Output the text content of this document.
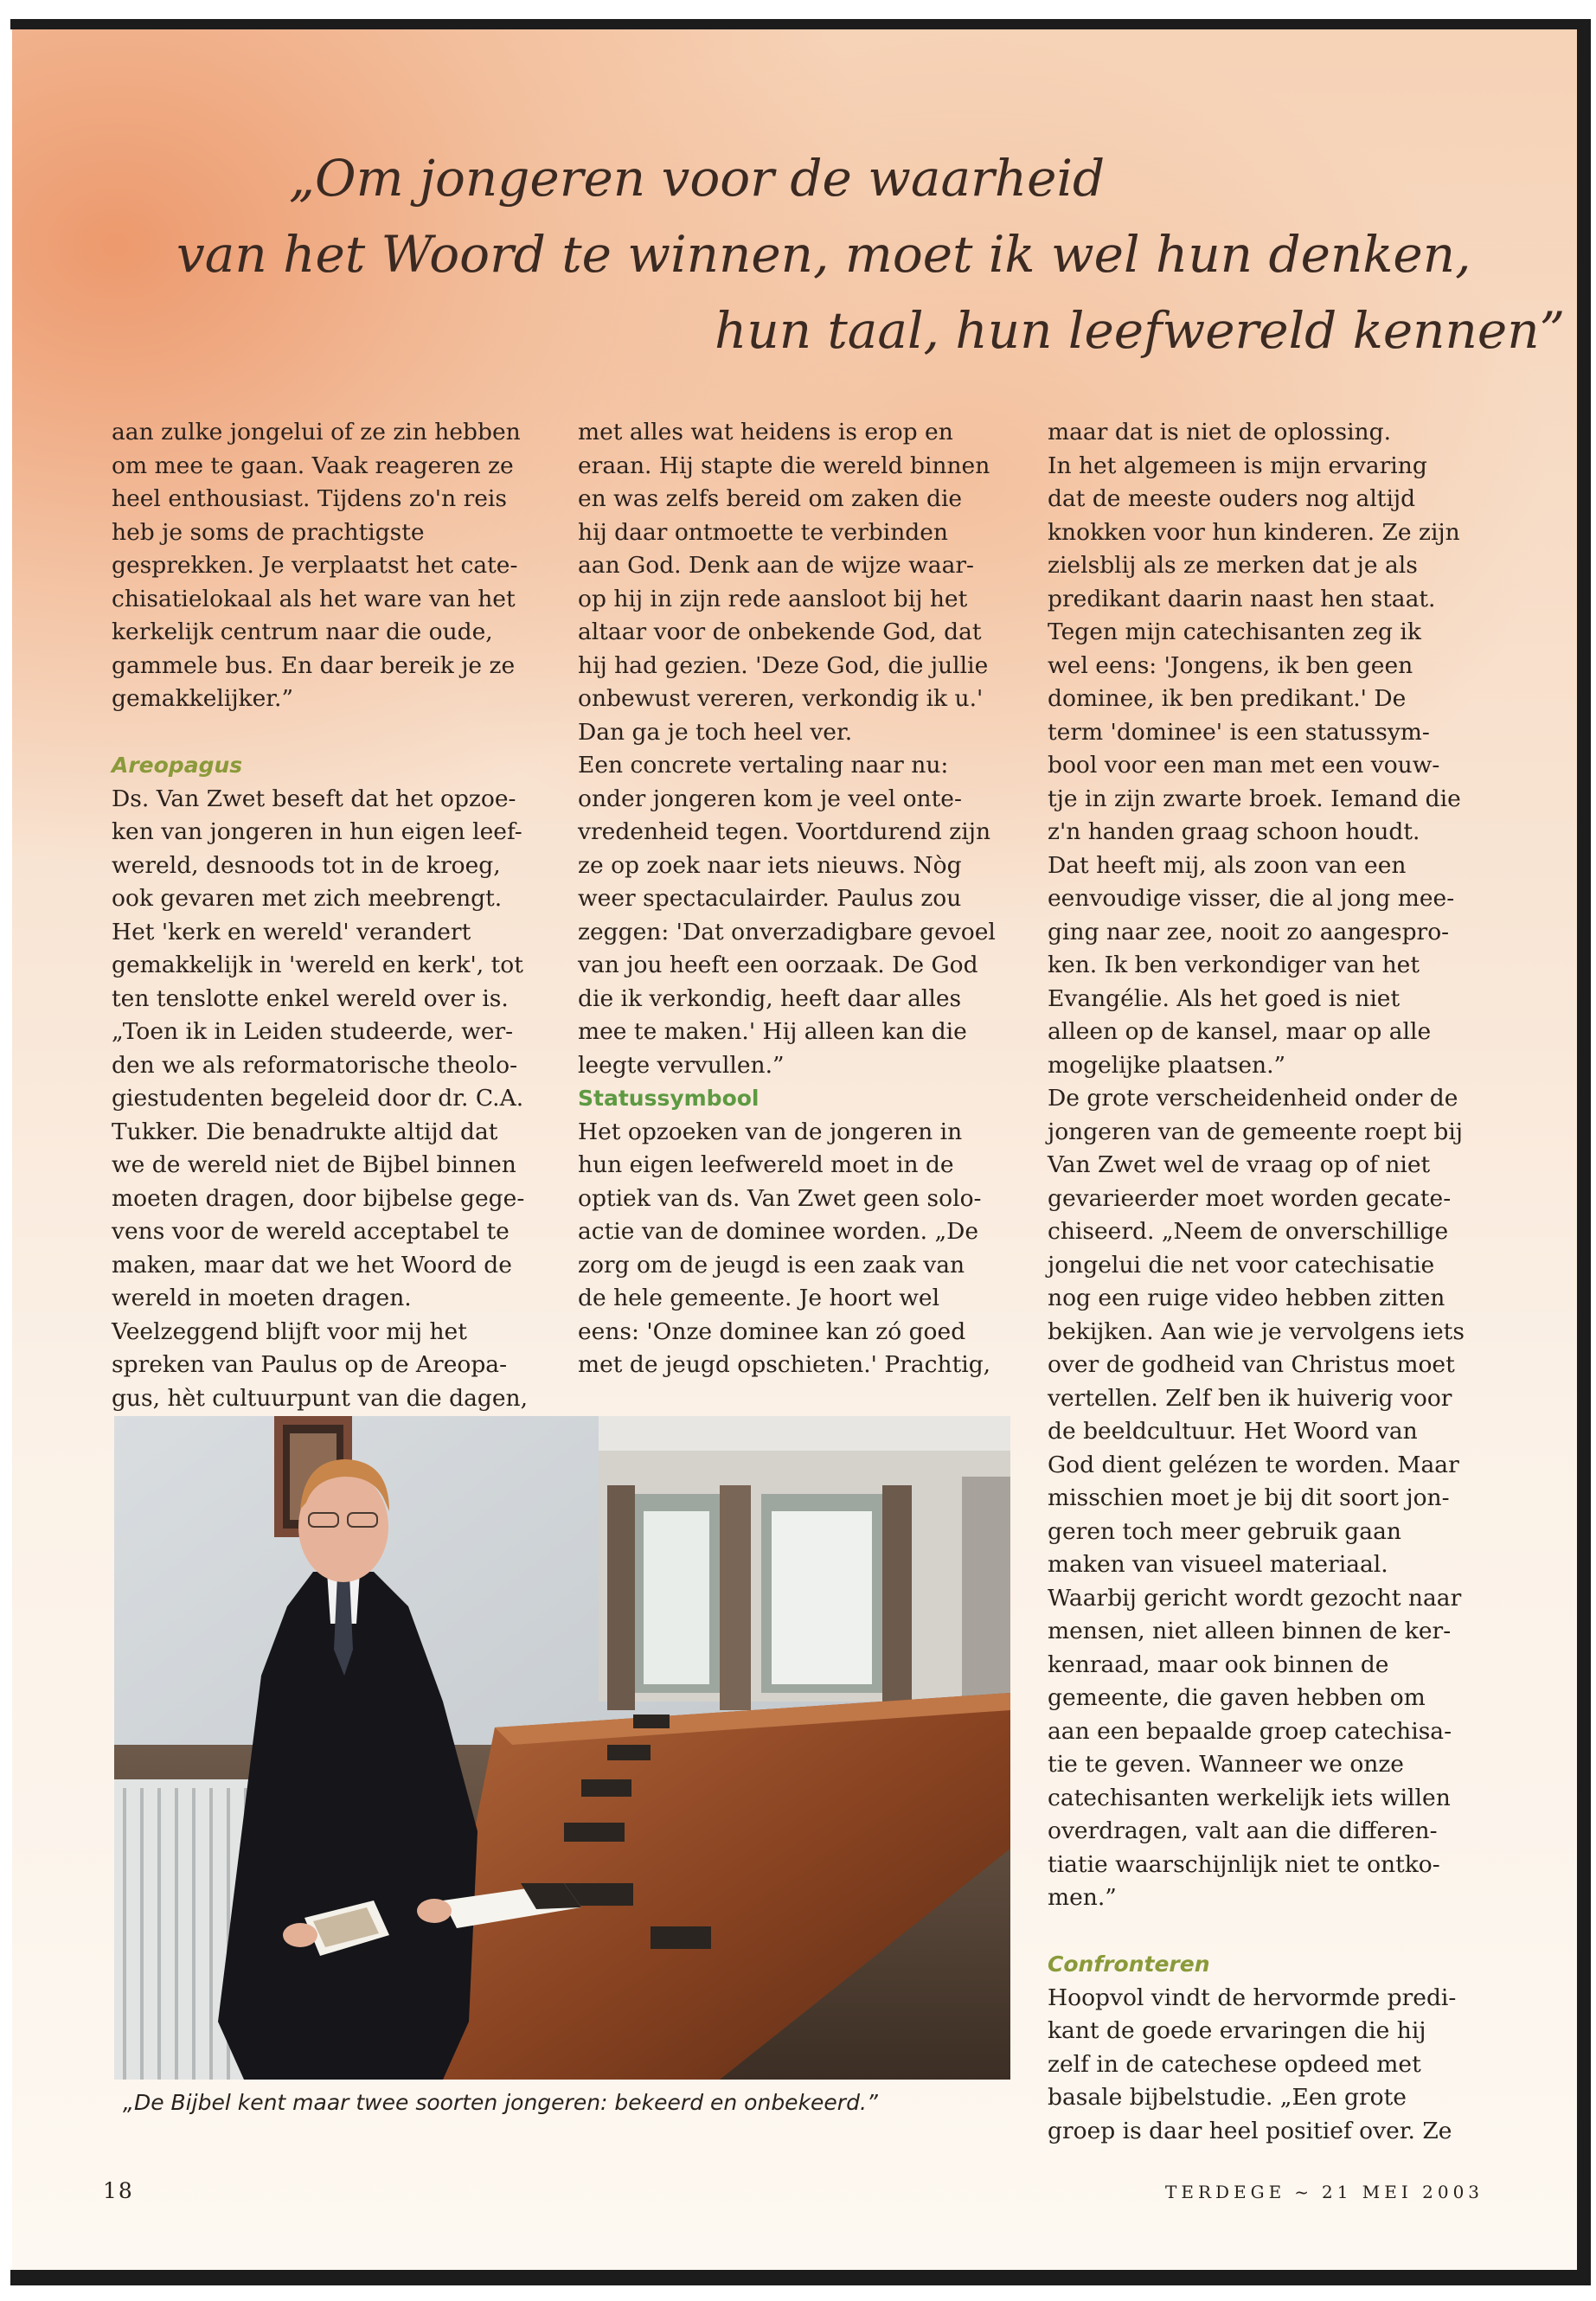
„Om jongeren voor de waarheid
van het Woord te winnen, moet ik wel hun denken,
hun taal, hun leefwereld kennen”

aan zulke jongelui of ze zin hebben

om mee te gaan. Vaak reageren ze

heel enthousiast. Tijdens zo'n reis

heb je soms de prachtigste

gesprekken. Je verplaatst het cate-

chisatielokaal als het ware van het

kerkelijk centrum naar die oude,

gammele bus. En daar bereik je ze

gemakkelijker.”

Areopagus

Ds. Van Zwet beseft dat het opzoe-

ken van jongeren in hun eigen leef-

wereld, desnoods tot in de kroeg,

ook gevaren met zich meebrengt.

Het 'kerk en wereld' verandert

gemakkelijk in 'wereld en kerk', tot

ten tenslotte enkel wereld over is.

„Toen ik in Leiden studeerde, wer-

den we als reformatorische theolo-

giestudenten begeleid door dr. C.A.

Tukker. Die benadrukte altijd dat

we de wereld niet de Bijbel binnen

moeten dragen, door bijbelse gege-

vens voor de wereld acceptabel te

maken, maar dat we het Woord de

wereld in moeten dragen.

Veelzeggend blijft voor mij het

spreken van Paulus op de Areopa-

gus, hèt cultuurpunt van die dagen,

met alles wat heidens is erop en

eraan. Hij stapte die wereld binnen

en was zelfs bereid om zaken die

hij daar ontmoette te verbinden

aan God. Denk aan de wijze waar-

op hij in zijn rede aansloot bij het

altaar voor de onbekende God, dat

hij had gezien. 'Deze God, die jullie

onbewust vereren, verkondig ik u.'

Dan ga je toch heel ver.

Een concrete vertaling naar nu:

onder jongeren kom je veel onte-

vredenheid tegen. Voortdurend zijn

ze op zoek naar iets nieuws. Nòg

weer spectaculairder. Paulus zou

zeggen: 'Dat onverzadigbare gevoel

van jou heeft een oorzaak. De God

die ik verkondig, heeft daar alles

mee te maken.' Hij alleen kan die

leegte vervullen.”

Statussymbool

Het opzoeken van de jongeren in

hun eigen leefwereld moet in de

optiek van ds. Van Zwet geen solo-

actie van de dominee worden. „De

zorg om de jeugd is een zaak van

de hele gemeente. Je hoort wel

eens: 'Onze dominee kan zó goed

met de jeugd opschieten.' Prachtig,

maar dat is niet de oplossing.

In het algemeen is mijn ervaring

dat de meeste ouders nog altijd

knokken voor hun kinderen. Ze zijn

zielsblij als ze merken dat je als

predikant daarin naast hen staat.

Tegen mijn catechisanten zeg ik

wel eens: 'Jongens, ik ben geen

dominee, ik ben predikant.' De

term 'dominee' is een statussym-

bool voor een man met een vouw-

tje in zijn zwarte broek. Iemand die

z'n handen graag schoon houdt.

Dat heeft mij, als zoon van een

eenvoudige visser, die al jong mee-

ging naar zee, nooit zo aangespro-

ken. Ik ben verkondiger van het

Evangélie. Als het goed is niet

alleen op de kansel, maar op alle

mogelijke plaatsen.”

De grote verscheidenheid onder de

jongeren van de gemeente roept bij

Van Zwet wel de vraag op of niet

gevarieerder moet worden gecate-

chiseerd. „Neem de onverschillige

jongelui die net voor catechisatie

nog een ruige video hebben zitten

bekijken. Aan wie je vervolgens iets

over de godheid van Christus moet

vertellen. Zelf ben ik huiverig voor

de beeldcultuur. Het Woord van

God dient gelézen te worden. Maar

misschien moet je bij dit soort jon-

geren toch meer gebruik gaan

maken van visueel materiaal.

Waarbij gericht wordt gezocht naar

mensen, niet alleen binnen de ker-

kenraad, maar ook binnen de

gemeente, die gaven hebben om

aan een bepaalde groep catechisa-

tie te geven. Wanneer we onze

catechisanten werkelijk iets willen

overdragen, valt aan die differen-

tiatie waarschijnlijk niet te ontko-

men.”

Confronteren

Hoopvol vindt de hervormde predi-

kant de goede ervaringen die hij

zelf in de catechese opdeed met

basale bijbelstudie. „Een grote

groep is daar heel positief over. Ze

„De Bijbel kent maar twee soorten jongeren: bekeerd en onbekeerd.”
18	TERDEGE ~ 21 MEI 2003
